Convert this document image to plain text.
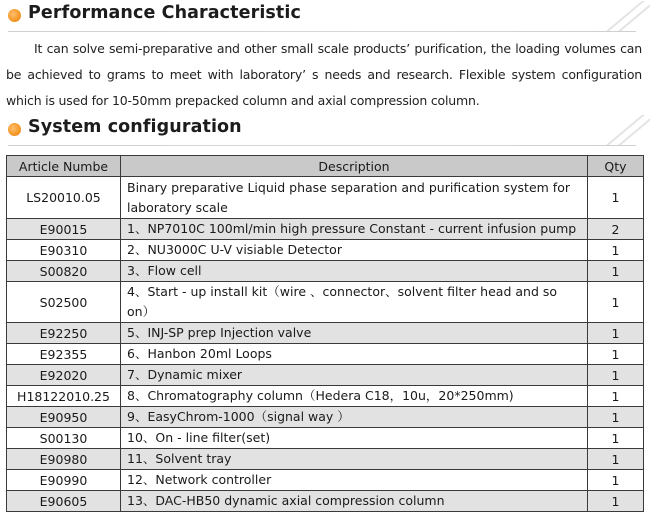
Performance Characteristic
It can solve semi-preparative and other small scale products’ purification, the loading volumes can be achieved to grams to meet with laboratory’ s needs and research. Flexible system configuration which is used for 10-50mm prepacked column and axial compression column.
System configuration
Article Numbe	Description	Qty
LS20010.05	Binary preparative Liquid phase separation and purification system for laboratory scale	1
E90015	1、NP7010C 100ml/min high pressure Constant - current infusion pump	2
E90310	2、NU3000C U-V visiable Detector	1
S00820	3、Flow cell	1
S02500	4、Start - up install kit（wire 、connector、solvent filter head and so on）	1
E92250	5、INJ-SP prep Injection valve	1
E92355	6、Hanbon 20ml Loops	1
E92020	7、Dynamic mixer	1
H18122010.25	8、Chromatography column（Hedera C18，10u，20*250mm)	1
E90950	9、EasyChrom-1000（signal way ）	1
S00130	10、On - line filter(set)	1
E90980	11、Solvent tray	1
E90990	12、Network controller	1
E90605	13、DAC-HB50 dynamic axial compression column	1
